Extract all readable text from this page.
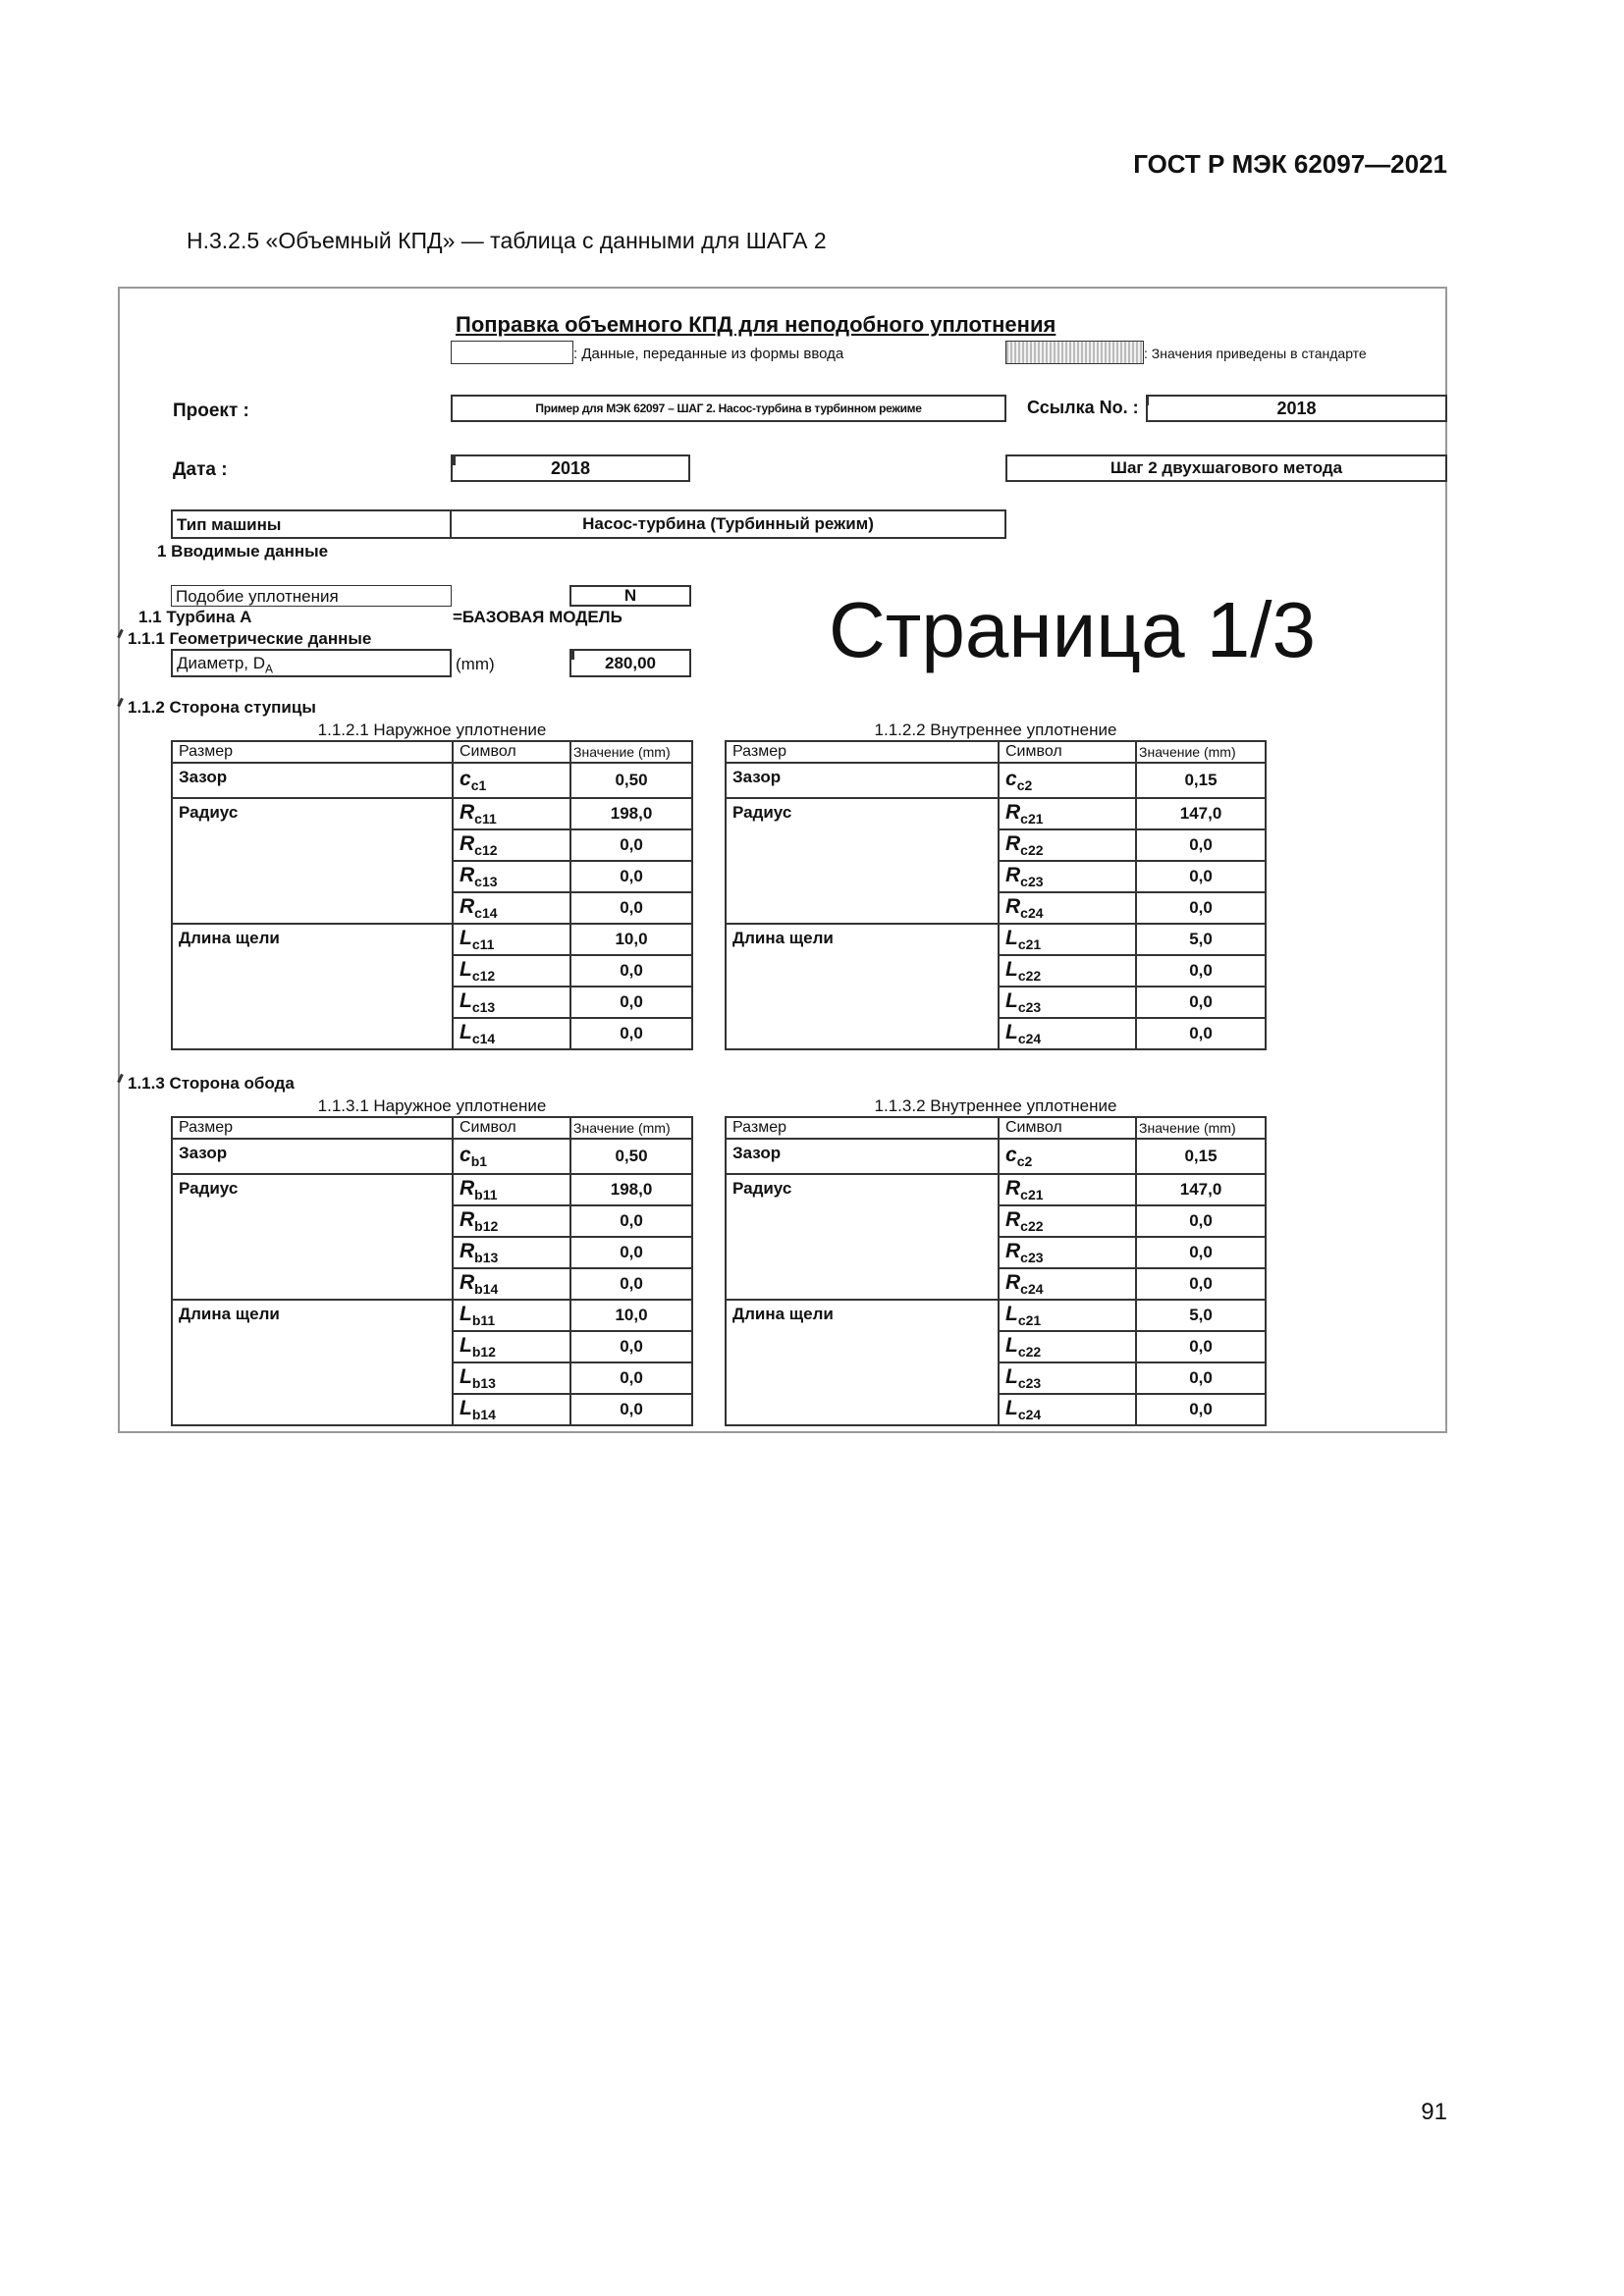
ГОСТ Р МЭК 62097—2021
Н.3.2.5 «Объемный КПД» — таблица с данными для ШАГА 2
Поправка объемного КПД для неподобного уплотнения
: Данные, переданные из формы ввода	: Значения приведены в стандарте
Проект :	Пример для МЭК 62097 – ШАГ 2. Насос-турбина в турбинном режиме	Ссылка No. :	2018
Дата :	2018	Шаг 2 двухшагового метода
Тип машины	Насос-турбина (Турбинный режим)
1 Вводимые данные
Подобие уплотнения	N
1.1 Турбина A	=БАЗОВАЯ МОДЕЛЬ
1.1.1 Геометрические данные
Диаметр, $D_A$	(mm)	280,00	Страница 1/3
1.1.2 Сторона ступицы
1.1.2.1 Наружное уплотнение		
Размер	Символ	Значение (mm)
Зазор	$c_{c1}$	0,50
Радиус	$R_{c11}$	198,0
	$R_{c12}$	0,0
	$R_{c13}$	0,0
	$R_{c14}$	0,0
Длина щели	$L_{c11}$	10,0
	$L_{c12}$	0,0
	$L_{c13}$	0,0
	$L_{c14}$	0,0
1.1.2.2 Внутреннее уплотнение		
Размер	Символ	Значение (mm)
Зазор	$c_{c2}$	0,15
Радиус	$R_{c21}$	147,0
	$R_{c22}$	0,0
	$R_{c23}$	0,0
	$R_{c24}$	0,0
Длина щели	$L_{c21}$	5,0
	$L_{c22}$	0,0
	$L_{c23}$	0,0
	$L_{c24}$	0,0
1.1.3 Сторона обода
1.1.3.1 Наружное уплотнение		
Размер	Символ	Значение (mm)
Зазор	$c_{b1}$	0,50
Радиус	$R_{b11}$	198,0
	$R_{b12}$	0,0
	$R_{b13}$	0,0
	$R_{b14}$	0,0
Длина щели	$L_{b11}$	10,0
	$L_{b12}$	0,0
	$L_{b13}$	0,0
	$L_{b14}$	0,0
1.1.3.2 Внутреннее уплотнение		
Размер	Символ	Значение (mm)
Зазор	$c_{c2}$	0,15
Радиус	$R_{c21}$	147,0
	$R_{c22}$	0,0
	$R_{c23}$	0,0
	$R_{c24}$	0,0
Длина щели	$L_{c21}$	5,0
	$L_{c22}$	0,0
	$L_{c23}$	0,0
	$L_{c24}$	0,0
91
